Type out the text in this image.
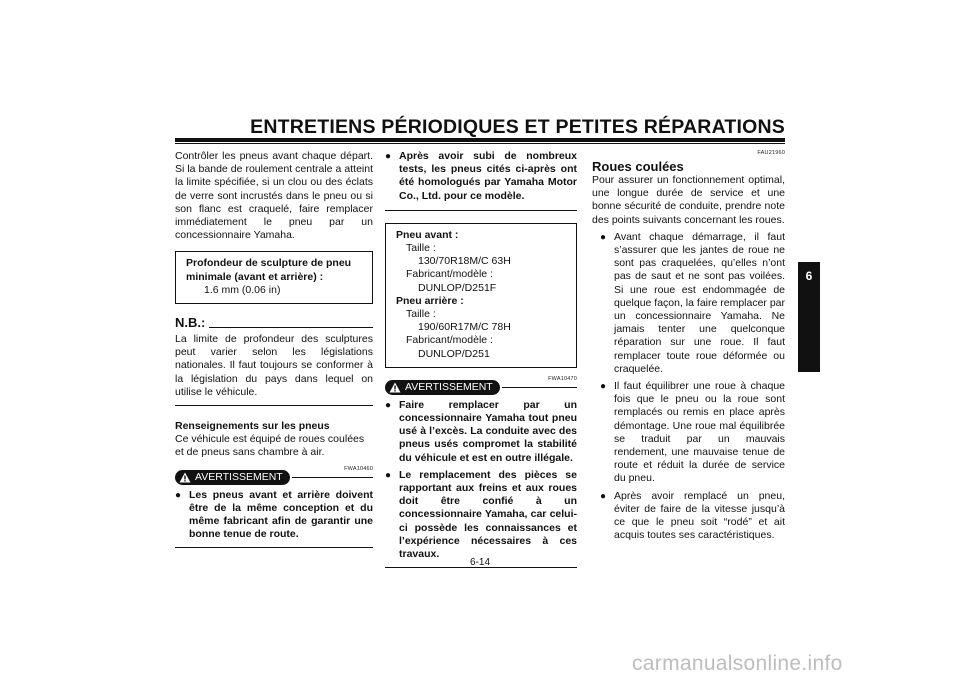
ENTRETIENS PÉRIODIQUES ET PETITES RÉPARATIONS

Contrôler les pneus avant chaque départ. Si la bande de roulement centrale a atteint la limite spécifiée, si un clou ou des éclats de verre sont incrustés dans le pneu ou si son flanc est craquelé, faire remplacer immédiatement le pneu par un concessionnaire Yamaha.

Profondeur de sculpture de pneu minimale (avant et arrière) :
1.6 mm (0.06 in)
N.B.:

La limite de profondeur des sculptures peut varier selon les législations nationales. Il faut toujours se conformer à la législation du pays dans lequel on utilise le véhicule.

Renseignements sur les pneus

Ce véhicule est équipé de roues coulées et de pneus sans chambre à air.

FWA10460
AVERTISSEMENT
● Les pneus avant et arrière doivent être de la même conception et du même fabricant afin de garantir une bonne tenue de route.
● Après avoir subi de nombreux tests, les pneus cités ci-après ont été homologués par Yamaha Motor Co., Ltd. pour ce modèle.
Pneu avant :
Taille :
130/70R18M/C 63H
Fabricant/modèle :
DUNLOP/D251F
Pneu arrière :
Taille :
190/60R17M/C 78H
Fabricant/modèle :
DUNLOP/D251
FWA10470
AVERTISSEMENT
● Faire remplacer par un concessionnaire Yamaha tout pneu usé à l’excès. La conduite avec des pneus usés compromet la stabilité du véhicule et est en outre illégale.
● Le remplacement des pièces se rapportant aux freins et aux roues doit être confié à un concessionnaire Yamaha, car celui-ci possède les connaissances et l’expérience nécessaires à ces travaux.
FAU21960
Roues coulées

Pour assurer un fonctionnement optimal, une longue durée de service et une bonne sécurité de conduite, prendre note des points suivants concernant les roues.

● Avant chaque démarrage, il faut s’assurer que les jantes de roue ne sont pas craquelées, qu’elles n’ont pas de saut et ne sont pas voilées. Si une roue est endommagée de quelque façon, la faire remplacer par un concessionnaire Yamaha. Ne jamais tenter une quelconque réparation sur une roue. Il faut remplacer toute roue déformée ou craquelée.
● Il faut équilibrer une roue à chaque fois que le pneu ou la roue sont remplacés ou remis en place après démontage. Une roue mal équilibrée se traduit par un mauvais rendement, une mauvaise tenue de route et réduit la durée de service du pneu.
● Après avoir remplacé un pneu, éviter de faire de la vitesse jusqu’à ce que le pneu soit “rodé” et ait acquis toutes ses caractéristiques.
6
6-14
carmanualsonline.info
